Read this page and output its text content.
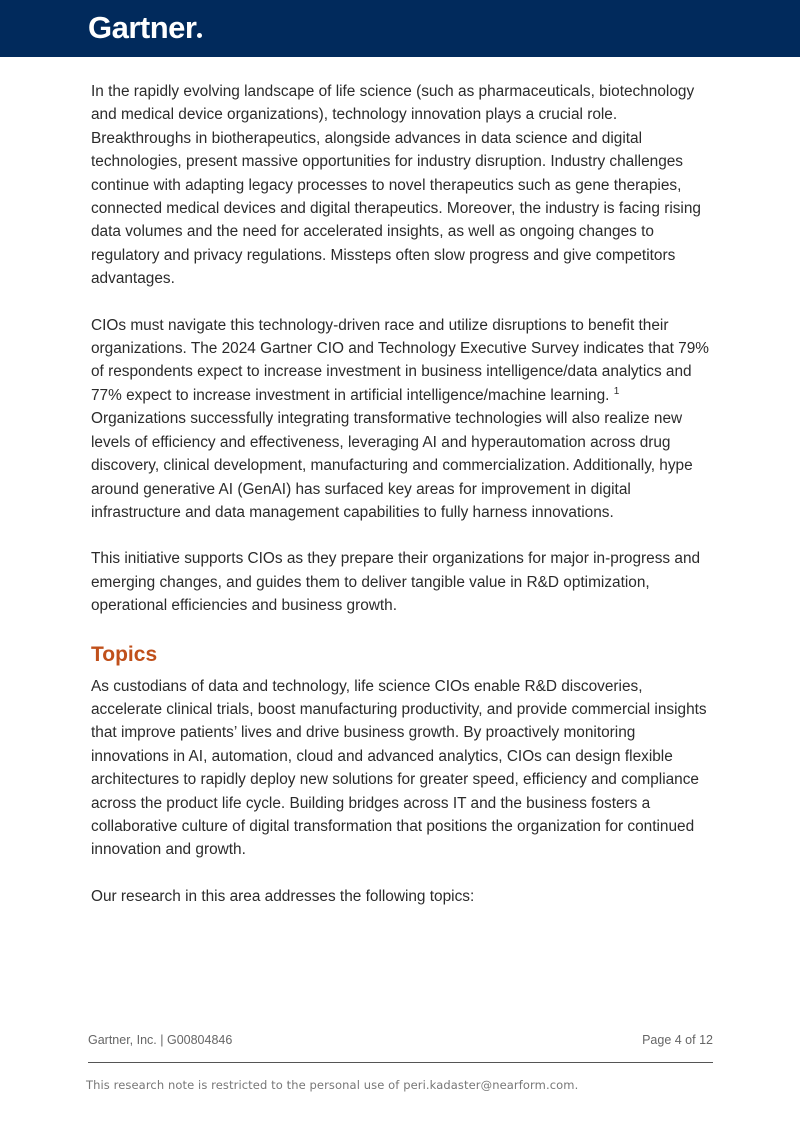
Gartner

In the rapidly evolving landscape of life science (such as pharmaceuticals, biotechnology and medical device organizations), technology innovation plays a crucial role. Breakthroughs in biotherapeutics, alongside advances in data science and digital technologies, present massive opportunities for industry disruption. Industry challenges continue with adapting legacy processes to novel therapeutics such as gene therapies, connected medical devices and digital therapeutics. Moreover, the industry is facing rising data volumes and the need for accelerated insights, as well as ongoing changes to regulatory and privacy regulations. Missteps often slow progress and give competitors advantages.

CIOs must navigate this technology-driven race and utilize disruptions to benefit their organizations. The 2024 Gartner CIO and Technology Executive Survey indicates that 79% of respondents expect to increase investment in business intelligence/data analytics and 77% expect to increase investment in artificial intelligence/machine learning. $^1$ Organizations successfully integrating transformative technologies will also realize new levels of efficiency and effectiveness, leveraging AI and hyperautomation across drug discovery, clinical development, manufacturing and commercialization. Additionally, hype around generative AI (GenAI) has surfaced key areas for improvement in digital infrastructure and data management capabilities to fully harness innovations.

This initiative supports CIOs as they prepare their organizations for major in-progress and emerging changes, and guides them to deliver tangible value in R&D optimization, operational efficiencies and business growth.

Topics

As custodians of data and technology, life science CIOs enable R&D discoveries, accelerate clinical trials, boost manufacturing productivity, and provide commercial insights that improve patients’ lives and drive business growth. By proactively monitoring innovations in AI, automation, cloud and advanced analytics, CIOs can design flexible architectures to rapidly deploy new solutions for greater speed, efficiency and compliance across the product life cycle. Building bridges across IT and the business fosters a collaborative culture of digital transformation that positions the organization for continued innovation and growth.

Our research in this area addresses the following topics:

Gartner, Inc. | G00804846	Page 4 of 12
This research note is restricted to the personal use of peri.kadaster@nearform.com.
